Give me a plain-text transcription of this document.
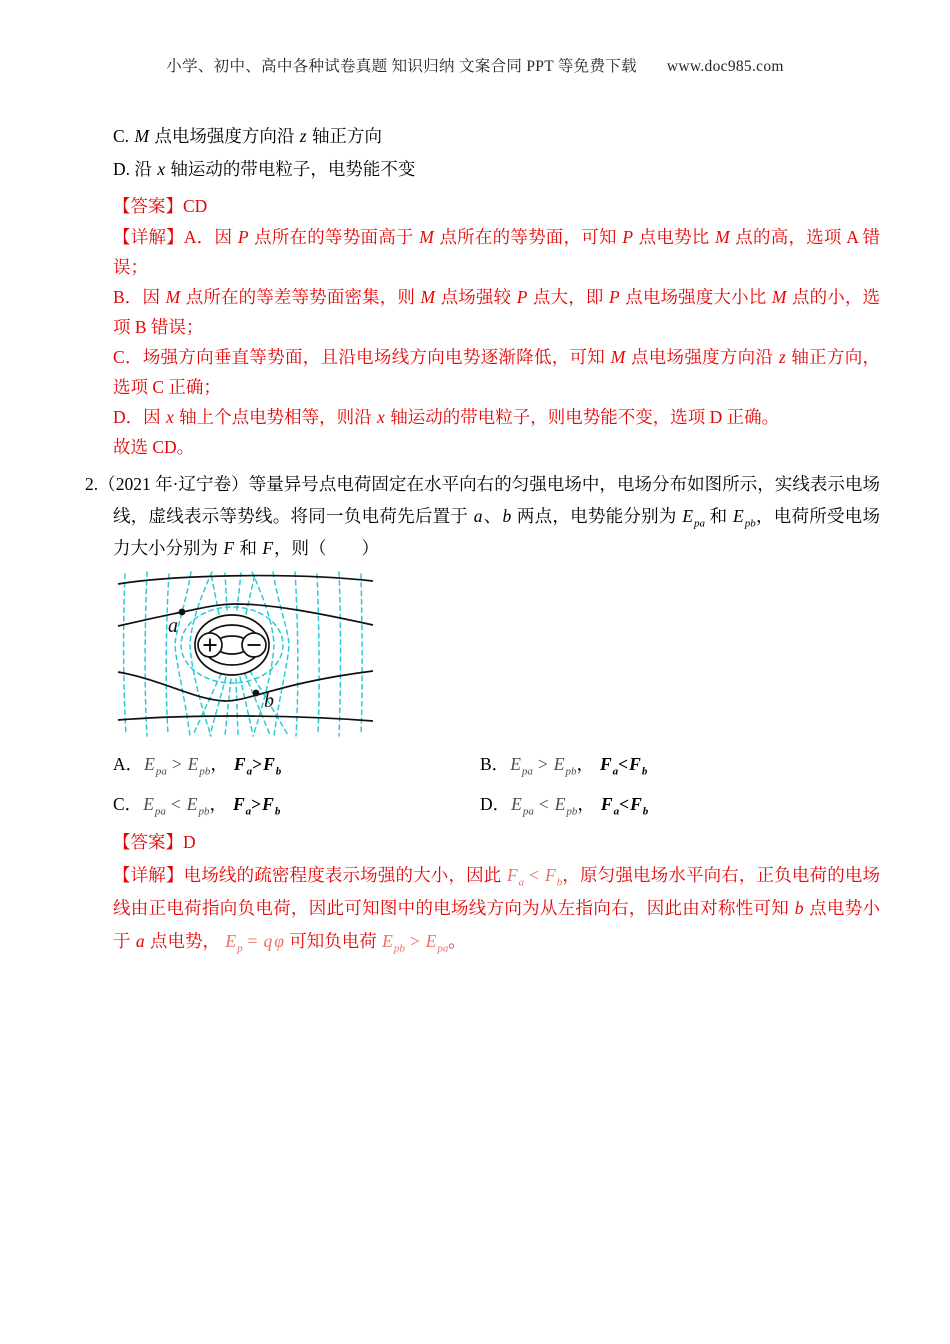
小学、初中、高中各种试卷真题 知识归纳 文案合同 PPT 等免费下载 www.doc985.com

C. M 点电场强度方向沿 z 轴正方向

D. 沿 x 轴运动的带电粒子，电势能不变

【答案】CD

【详解】A．因 P 点所在的等势面高于 M 点所在的等势面，可知 P 点电势比 M 点的高，选项 A 错误；

B．因 M 点所在的等差等势面密集，则 M 点场强较 P 点大，即 P 点电场强度大小比 M 点的小，选项 B 错误；

C．场强方向垂直等势面，且沿电场线方向电势逐渐降低，可知 M 点电场强度方向沿 z 轴正方向，选项 C 正确；

D．因 x 轴上个点电势相等，则沿 x 轴运动的带电粒子，则电势能不变，选项 D 正确。

故选 CD。

2.（2021 年·辽宁卷）等量异号点电荷固定在水平向右的匀强电场中，电场分布如图所示，实线表示电场线，虚线表示等势线。将同一负电荷先后置于 a、b 两点，电势能分别为 $E_{pa}$ 和 $E_{pb}$，电荷所受电场力大小分别为 F 和 F，则（　　）

a
b

A．$E_{pa} > E_{pb}$， $F_a>F_b$	B．$E_{pa} > E_{pb}$， $F_a<F_b$

C．$E_{pa} < E_{pb}$， $F_a>F_b$	D．$E_{pa} < E_{pb}$， $F_a<F_b$

【答案】D

【详解】电场线的疏密程度表示场强的大小，因此 $F_a < F_b$，原匀强电场水平向右，正负电荷的电场线由正电荷指向负电荷，因此可知图中的电场线方向为从左指向右，因此由对称性可知 b 点电势小于 a 点电势， $E_p = q$ φ 可知负电荷 $E_{pb} > E_{pa}$。
